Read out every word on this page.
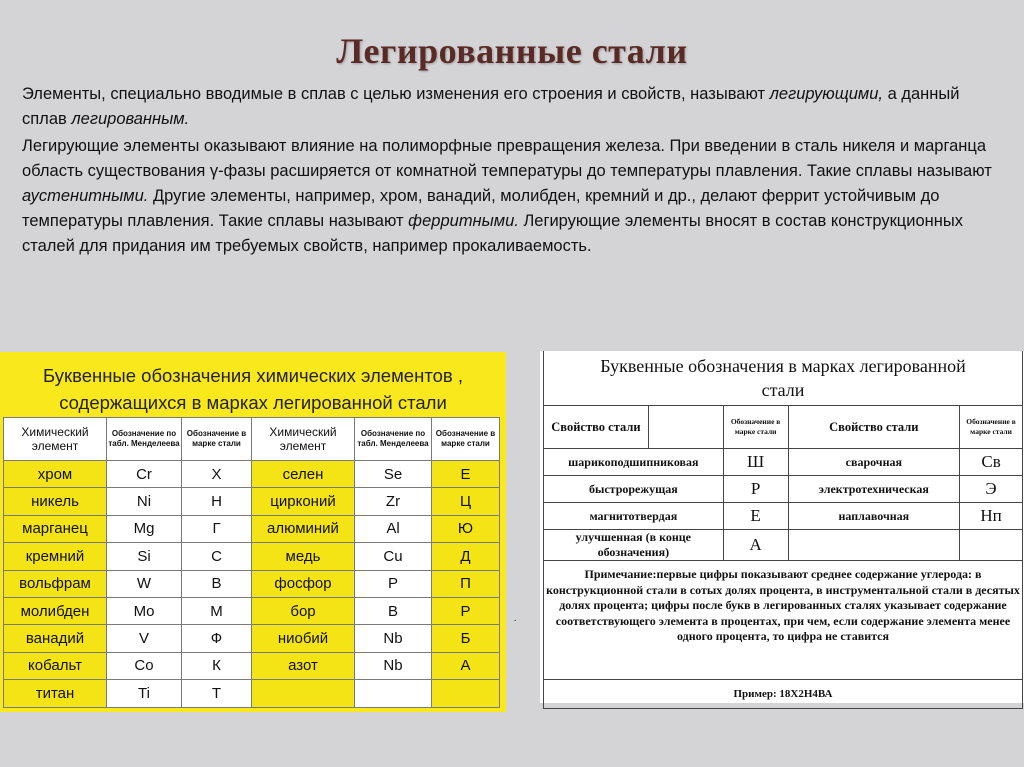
Легированные стали
Элементы, специально вводимые в сплав с целью изменения его строения и свойств, называют легирующими, а данный сплав легированным.
Легирующие элементы оказывают влияние на полиморфные превращения железа. При введении в сталь никеля и марганца область существования γ-фазы расширяется от комнатной температуры до температуры плавления. Такие сплавы называют аустенитными. Другие элементы, например, хром, ванадий, молибден, кремний и др., делают феррит устойчивым до температуры плавления. Такие сплавы называют ферритными. Легирующие элементы вносят в состав конструкционных сталей для придания им требуемых свойств, например прокаливаемость.
Буквенные обозначения химических элементов ,
содержащихся в марках легированной стали
Химический элемент	Обозначение по табл. Менделеева	Обозначение в марке стали	Химический элемент	Обозначение по табл. Менделеева	Обозначение в марке стали
хром	Cr	Х	селен	Se	Е
никель	Ni	Н	цирконий	Zr	Ц
марганец	Mg	Г	алюминий	Al	Ю
кремний	Si	С	медь	Cu	Д
вольфрам	W	В	фосфор	P	П
молибден	Mo	М	бор	B	Р
ванадий	V	Ф	ниобий	Nb	Б
кобальт	Co	К	азот	Nb	А
титан	Ti	Т			
.
Буквенные обозначения в марках легированной
стали				

Свойство стали		Обозначение в марке стали	Свойство стали	Обозначение в марке стали
шарикоподшипниковая		Ш	сварочная	Св
быстрорежущая		Р	электротехническая	Э
магнитотвердая		Е	наплавочная	Нп
улучшенная (в конце обозначения)		А		
Примечание:первые цифры показывают среднее содержание углерода: в конструкционной стали в сотых долях процента, в инструментальной стали в десятых долях процента; цифры после букв в легированных сталях указывает содержание соответствующего элемента в процентах, при чем, если содержание элемента менее одного процента, то цифра не ставится				
Пример: 18Х2Н4ВА				
